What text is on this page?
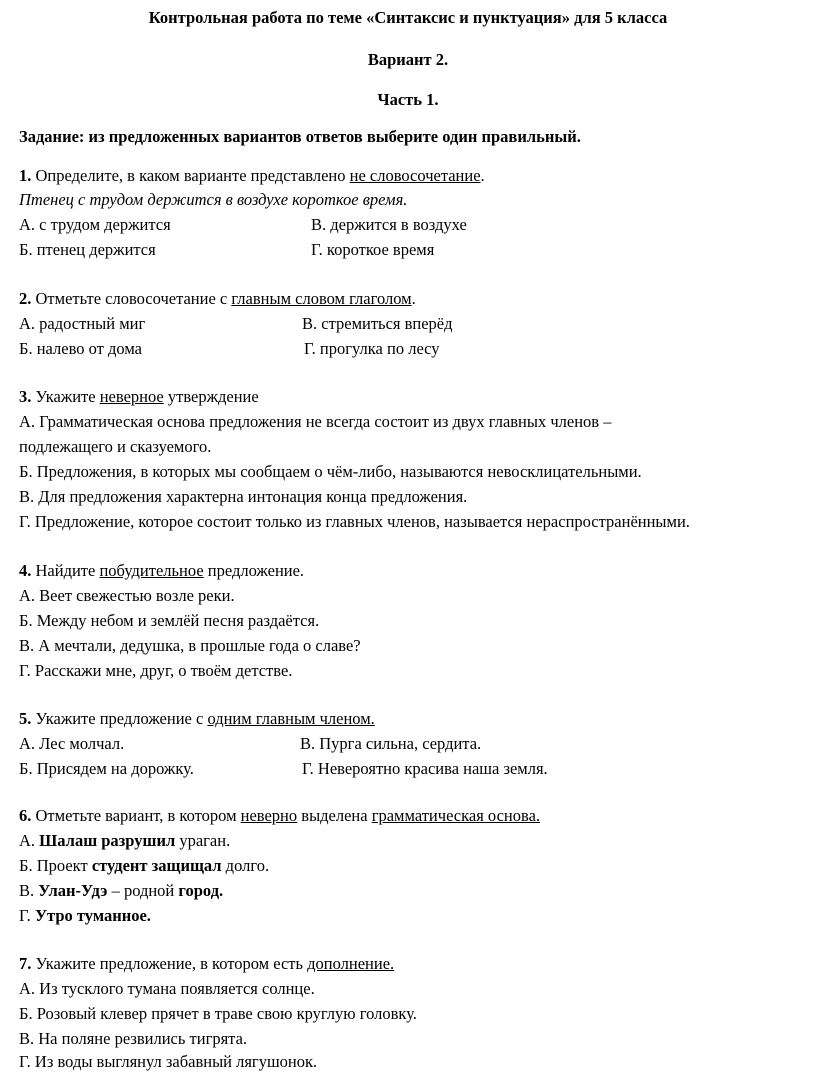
Контрольная работа по теме «Синтаксис и пунктуация» для 5 класса
Вариант 2.
Часть 1.
Задание: из предложенных вариантов ответов выберите один правильный.
1. Определите, в каком варианте представлено не словосочетание.
Птенец с трудом держится в воздухе короткое время.
А. с трудом держится	В. держится в воздухе
Б. птенец держится	Г. короткое время
2. Отметьте словосочетание с главным словом глаголом.
А. радостный миг	В. стремиться вперёд
Б. налево от дома	Г. прогулка по лесу
3. Укажите неверное утверждение
А. Грамматическая основа предложения не всегда состоит из двух главных членов –
подлежащего и сказуемого.
Б. Предложения, в которых мы сообщаем о чём-либо, называются невосклицательными.
В. Для предложения характерна интонация конца предложения.
Г. Предложение, которое состоит только из главных членов, называется нераспространёнными.
4. Найдите побудительное предложение.
А. Веет свежестью возле реки.
Б. Между небом и землёй песня раздаётся.
В. А мечтали, дедушка, в прошлые года о славе?
Г. Расскажи мне, друг, о твоём детстве.
5. Укажите предложение с одним главным членом.
А. Лес молчал.	В. Пурга сильна, сердита.
Б. Присядем на дорожку.	Г. Невероятно красива наша земля.
6. Отметьте вариант, в котором неверно выделена грамматическая основа.
А. Шалаш разрушил ураган.
Б. Проект студент защищал долго.
В. Улан-Удэ – родной город.
Г. Утро туманное.
7. Укажите предложение, в котором есть дополнение.
А. Из тусклого тумана появляется солнце.
Б. Розовый клевер прячет в траве свою круглую головку.
В. На поляне резвились тигрята.
Г. Из воды выглянул забавный лягушонок.
